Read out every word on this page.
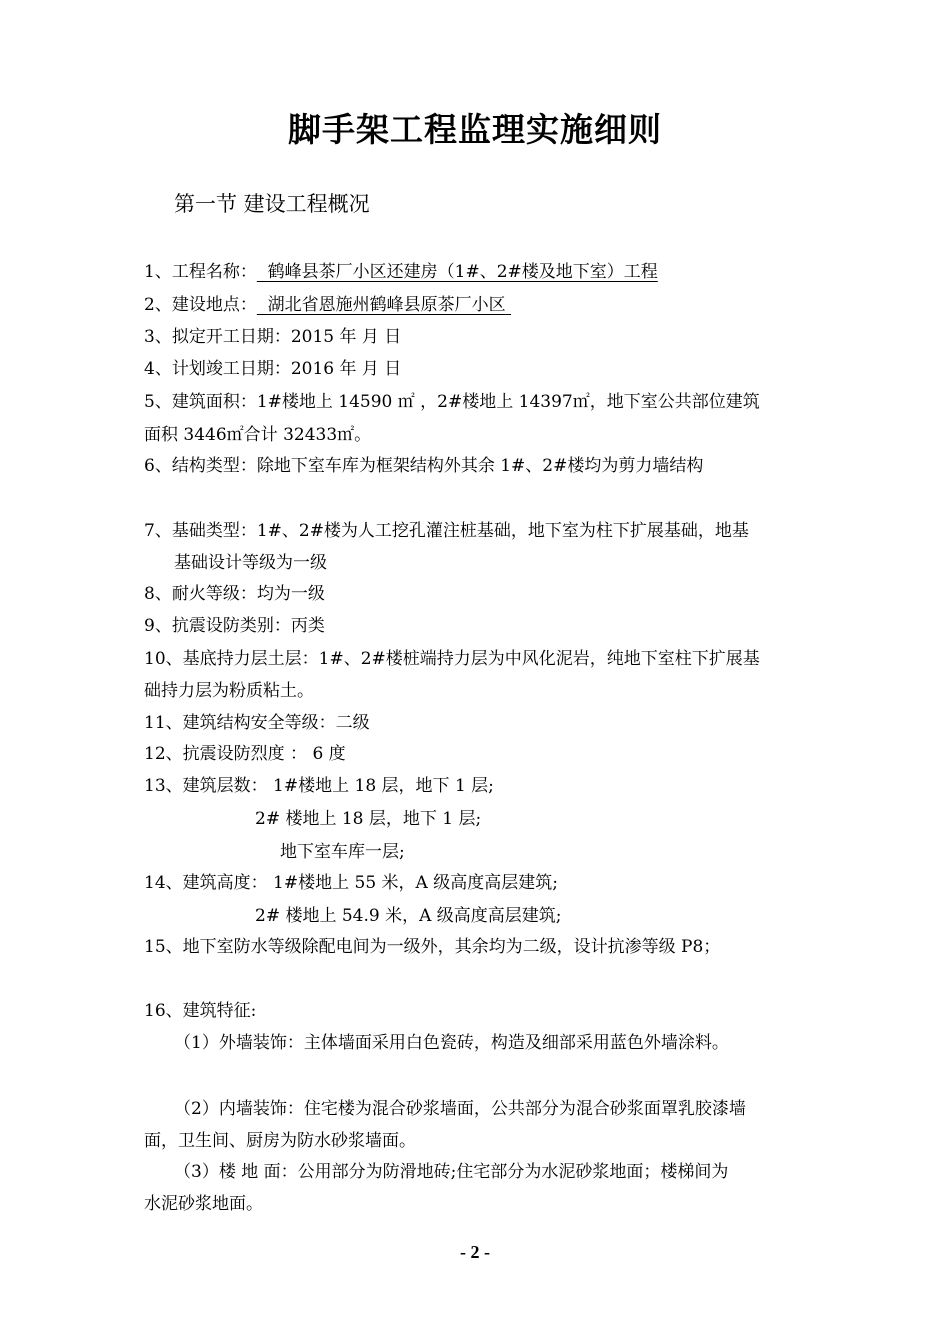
脚手架工程监理实施细则
第一节 建设工程概况
1、工程名称： 鹤峰县茶厂小区还建房（1#、2#楼及地下室）工程
2、建设地点： 湖北省恩施州鹤峰县原茶厂小区
3、拟定开工日期：2015 年 月 日
4、计划竣工日期：2016 年 月 日
5、建筑面积：1#楼地上 14590 ㎡ ，2#楼地上 14397㎡，地下室公共部位建筑
面积 3446㎡合计 32433㎡。
6、结构类型：除地下室车库为框架结构外其余 1#、2#楼均为剪力墙结构
7、基础类型：1#、2#楼为人工挖孔灌注桩基础，地下室为柱下扩展基础，地基
基础设计等级为一级
8、耐火等级：均为一级
9、抗震设防类别：丙类
10、基底持力层土层：1#、2#楼桩端持力层为中风化泥岩，纯地下室柱下扩展基
础持力层为粉质粘土。
11、建筑结构安全等级：二级
12、抗震设防烈度 ： 6 度
13、建筑层数： 1#楼地上 18 层，地下 1 层;
2# 楼地上 18 层，地下 1 层;
地下室车库一层;
14、建筑高度： 1#楼地上 55 米，A 级高度高层建筑;
2# 楼地上 54.9 米，A 级高度高层建筑;
15、地下室防水等级除配电间为一级外，其余均为二级，设计抗渗等级 P8；
16、建筑特征:
（1）外墙装饰：主体墙面采用白色瓷砖，构造及细部采用蓝色外墙涂料。
（2）内墙装饰：住宅楼为混合砂浆墙面，公共部分为混合砂浆面罩乳胶漆墙
面，卫生间、厨房为防水砂浆墙面。
（3）楼 地 面：公用部分为防滑地砖;住宅部分为水泥砂浆地面；楼梯间为
水泥砂浆地面。
- 2 -
